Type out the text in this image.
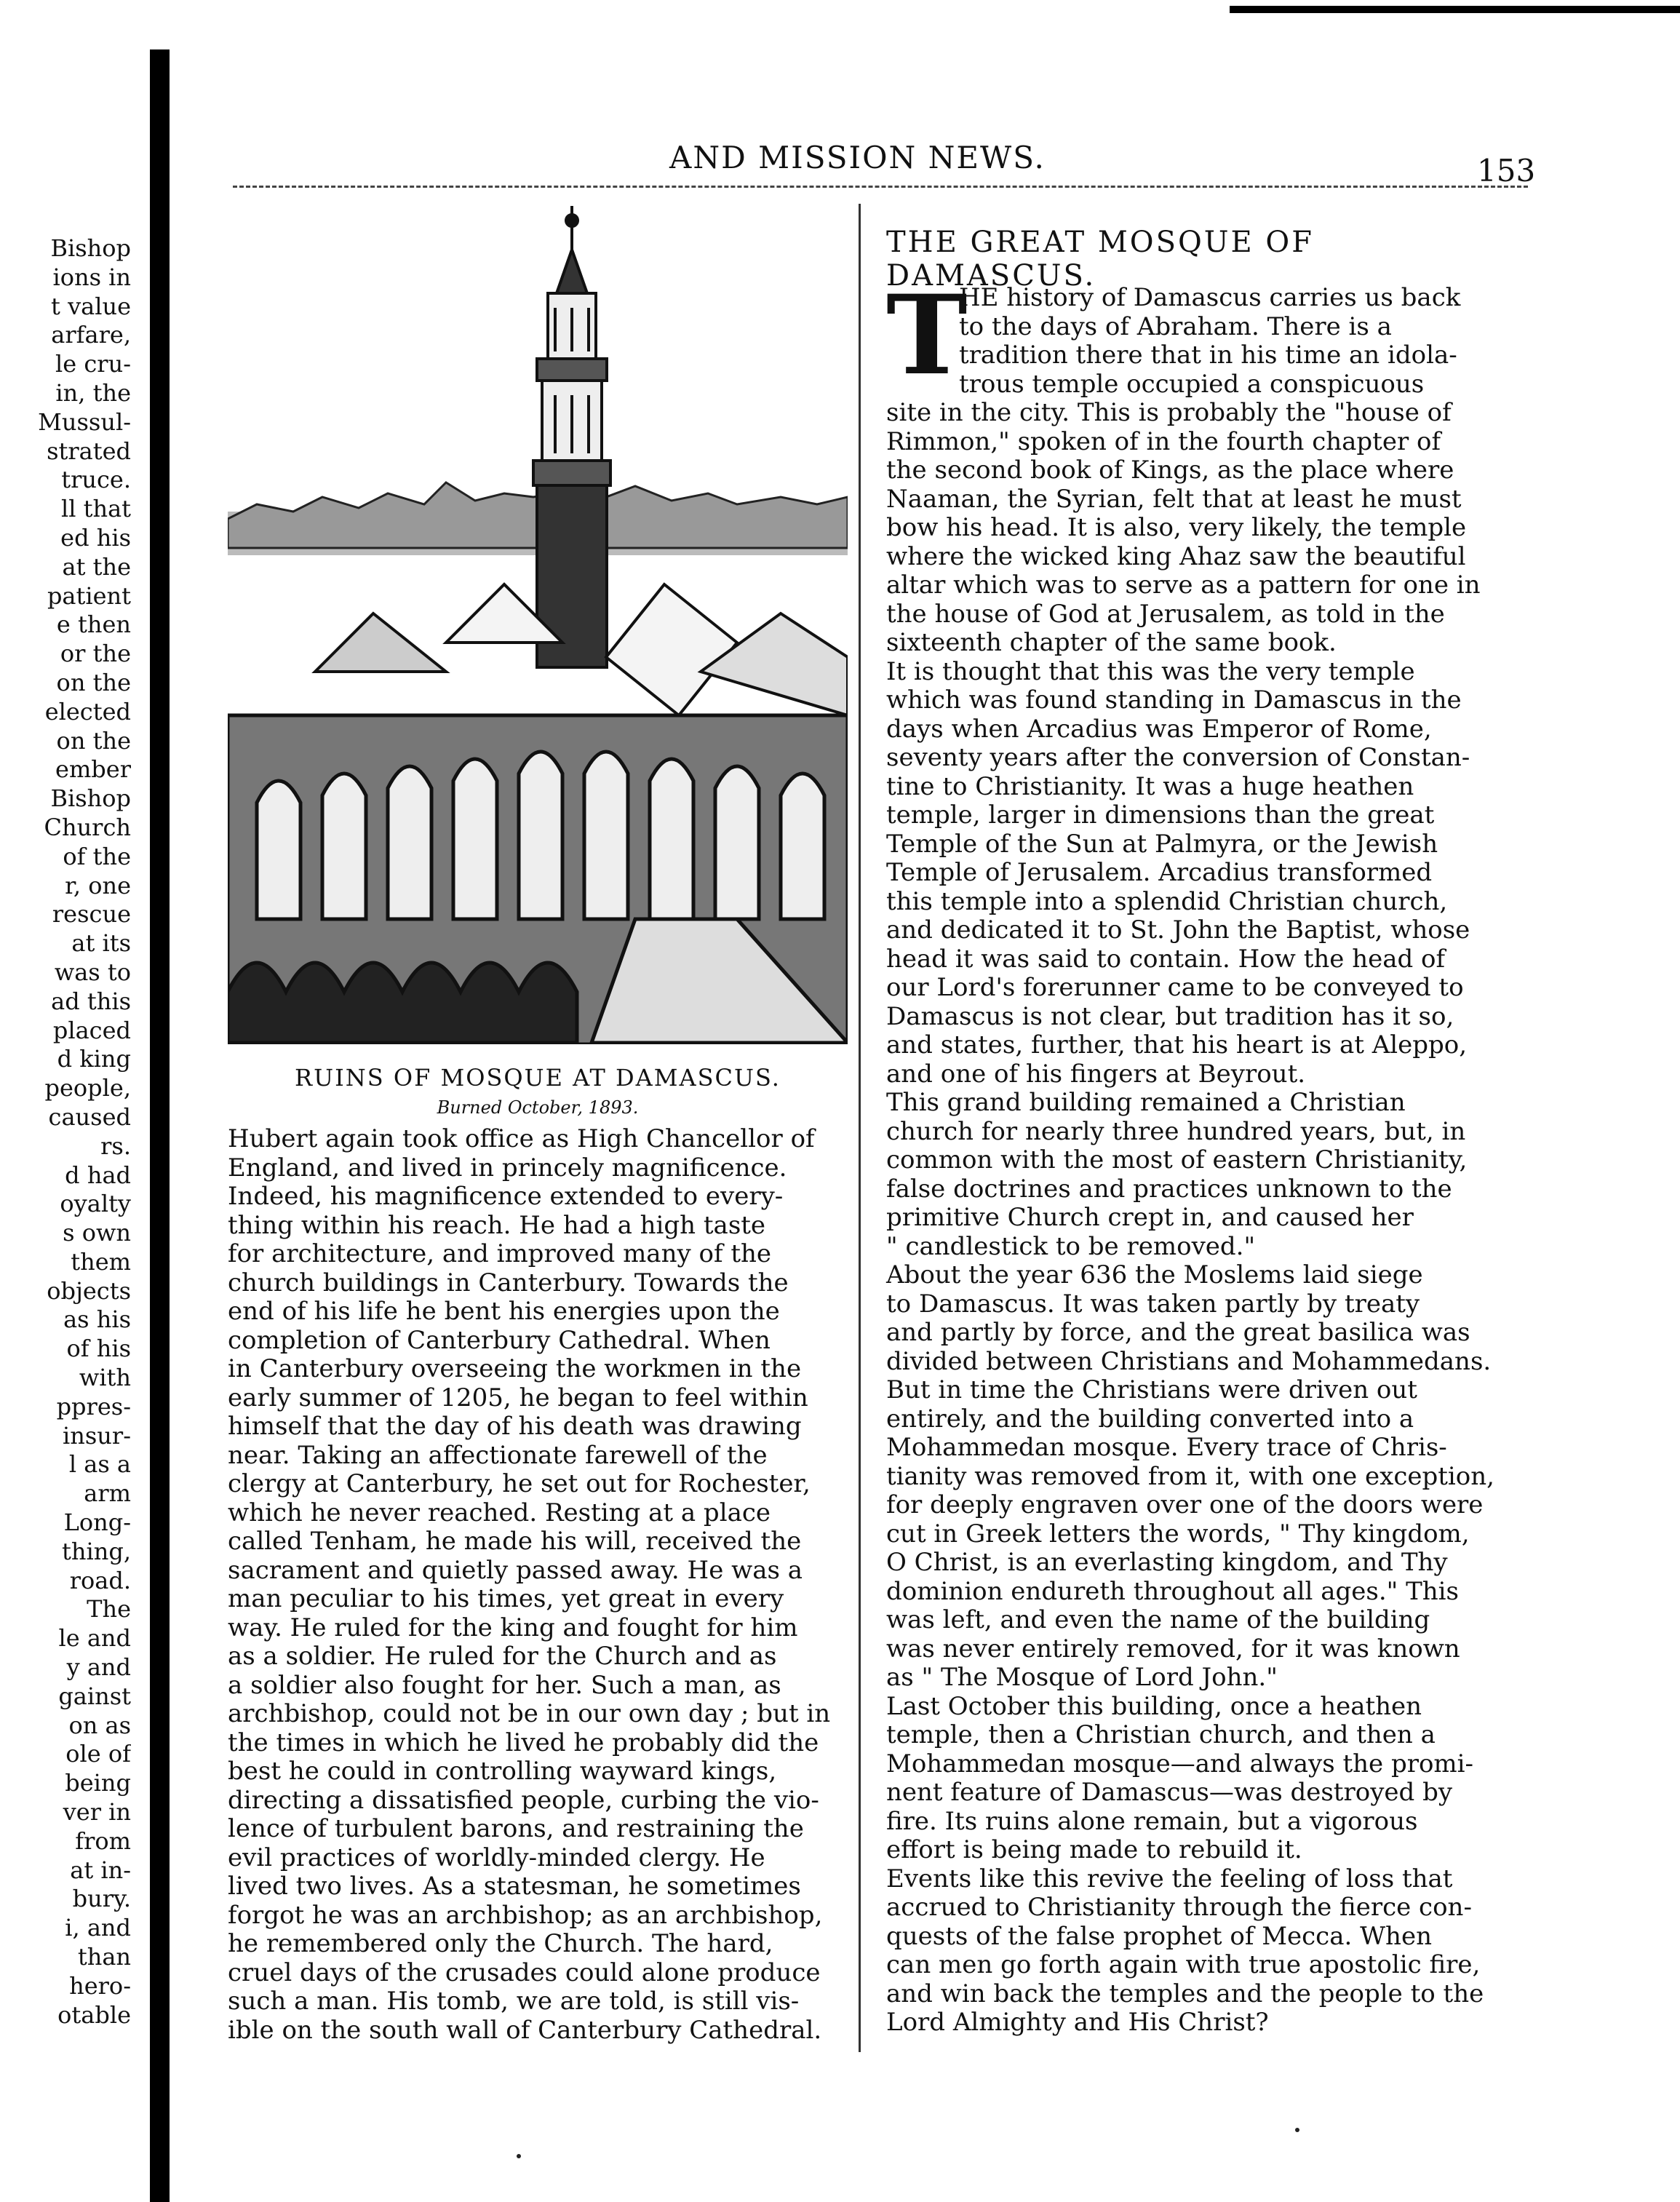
AND MISSION NEWS.	153
Bishop
ions in
t value
arfare,
le cru-
in, the
Mussul-
strated
truce.
ll that
ed his
at the
patient
e then
or the
on the
elected
on the
ember
Bishop
Church
of the
r, one
rescue
at its
was to
ad this
placed
d king
people,
caused
rs.
d had
oyalty
s own
them
objects
as his
of his
with
ppres-
insur-
l as a
arm
Long-
thing,
road.
The
le and
y and
gainst
on as
ole of
being
ver in
from
at in-
bury.
i, and
than
hero-
otable
RUINS OF MOSQUE AT DAMASCUS.
Burned October, 1893.
Hubert again took office as High Chancellor of
England, and lived in princely magnificence.
Indeed, his magnificence extended to every-
thing within his reach. He had a high taste
for architecture, and improved many of the
church buildings in Canterbury. Towards the
end of his life he bent his energies upon the
completion of Canterbury Cathedral. When
in Canterbury overseeing the workmen in the
early summer of 1205, he began to feel within
himself that the day of his death was drawing
near. Taking an affectionate farewell of the
clergy at Canterbury, he set out for Rochester,
which he never reached. Resting at a place
called Tenham, he made his will, received the
sacrament and quietly passed away. He was a
man peculiar to his times, yet great in every
way. He ruled for the king and fought for him
as a soldier. He ruled for the Church and as
a soldier also fought for her. Such a man, as
archbishop, could not be in our own day ; but in
the times in which he lived he probably did the
best he could in controlling wayward kings,
directing a dissatisfied people, curbing the vio-
lence of turbulent barons, and restraining the
evil practices of worldly-minded clergy. He
lived two lives. As a statesman, he sometimes
forgot he was an archbishop; as an archbishop,
he remembered only the Church. The hard,
cruel days of the crusades could alone produce
such a man. His tomb, we are told, is still vis-
ible on the south wall of Canterbury Cathedral.
THE GREAT MOSQUE OF DAMASCUS.
T
HE history of Damascus carries us back
to the days of Abraham. There is a
tradition there that in his time an idola-
trous temple occupied a conspicuous
site in the city. This is probably the "house of
Rimmon," spoken of in the fourth chapter of
the second book of Kings, as the place where
Naaman, the Syrian, felt that at least he must
bow his head. It is also, very likely, the temple
where the wicked king Ahaz saw the beautiful
altar which was to serve as a pattern for one in
the house of God at Jerusalem, as told in the
sixteenth chapter of the same book.
It is thought that this was the very temple
which was found standing in Damascus in the
days when Arcadius was Emperor of Rome,
seventy years after the conversion of Constan-
tine to Christianity. It was a huge heathen
temple, larger in dimensions than the great
Temple of the Sun at Palmyra, or the Jewish
Temple of Jerusalem. Arcadius transformed
this temple into a splendid Christian church,
and dedicated it to St. John the Baptist, whose
head it was said to contain. How the head of
our Lord's forerunner came to be conveyed to
Damascus is not clear, but tradition has it so,
and states, further, that his heart is at Aleppo,
and one of his fingers at Beyrout.
This grand building remained a Christian
church for nearly three hundred years, but, in
common with the most of eastern Christianity,
false doctrines and practices unknown to the
primitive Church crept in, and caused her
" candlestick to be removed."
About the year 636 the Moslems laid siege
to Damascus. It was taken partly by treaty
and partly by force, and the great basilica was
divided between Christians and Mohammedans.
But in time the Christians were driven out
entirely, and the building converted into a
Mohammedan mosque. Every trace of Chris-
tianity was removed from it, with one exception,
for deeply engraven over one of the doors were
cut in Greek letters the words, " Thy kingdom,
O Christ, is an everlasting kingdom, and Thy
dominion endureth throughout all ages." This
was left, and even the name of the building
was never entirely removed, for it was known
as " The Mosque of Lord John."
Last October this building, once a heathen
temple, then a Christian church, and then a
Mohammedan mosque—and always the promi-
nent feature of Damascus—was destroyed by
fire. Its ruins alone remain, but a vigorous
effort is being made to rebuild it.
Events like this revive the feeling of loss that
accrued to Christianity through the fierce con-
quests of the false prophet of Mecca. When
can men go forth again with true apostolic fire,
and win back the temples and the people to the
Lord Almighty and His Christ?
